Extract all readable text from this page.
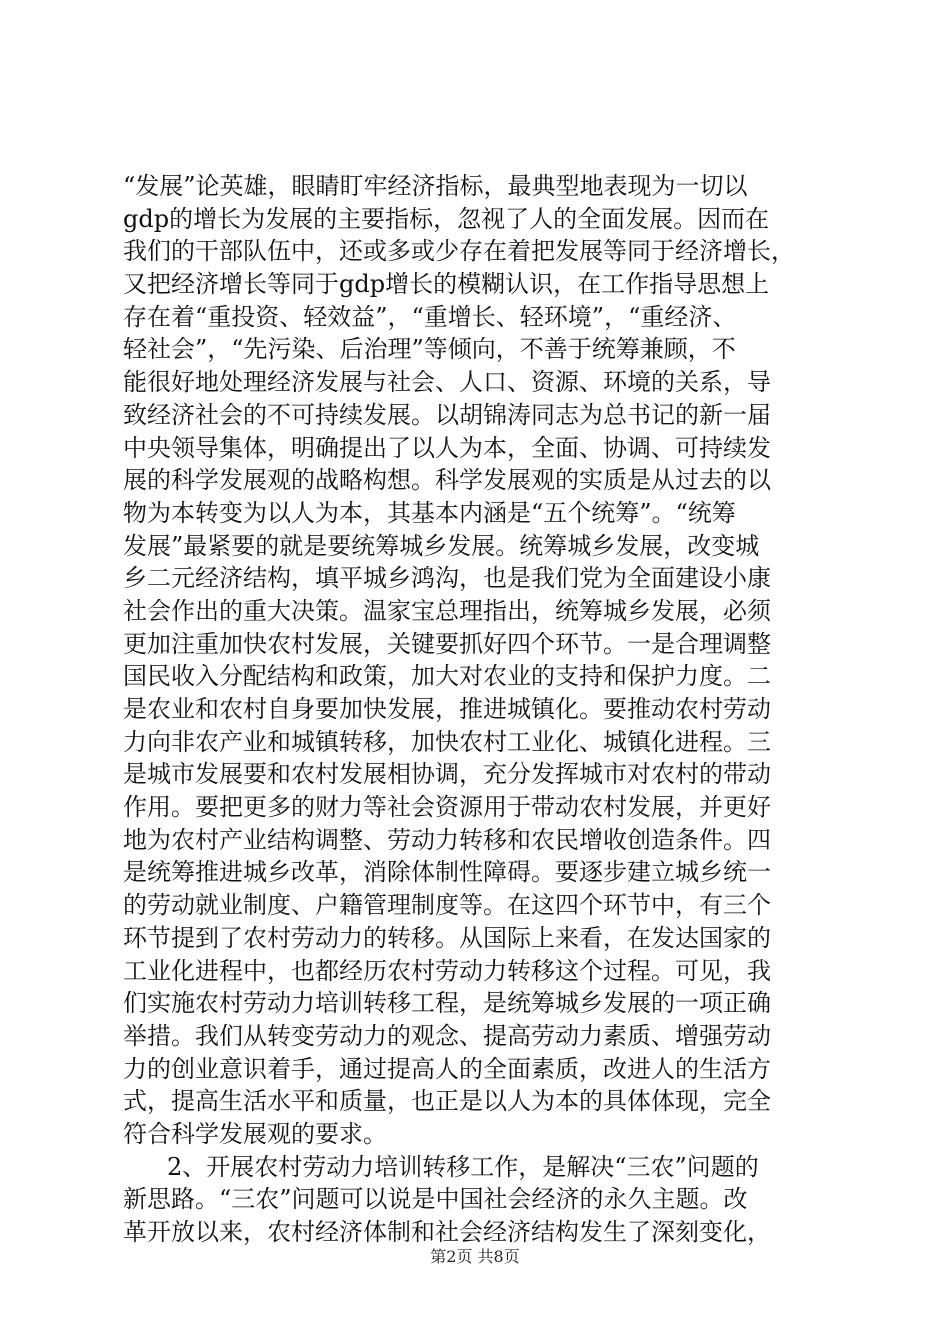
“发展”论英雄，眼睛盯牢经济指标，最典型地表现为一切以
gdp的增长为发展的主要指标，忽视了人的全面发展。因而在
我们的干部队伍中，还或多或少存在着把发展等同于经济增长，
又把经济增长等同于gdp增长的模糊认识，在工作指导思想上
存在着“重投资、轻效益”，“重增长、轻环境”，“重经济、
轻社会”，“先污染、后治理”等倾向，不善于统筹兼顾，不
能很好地处理经济发展与社会、人口、资源、环境的关系，导
致经济社会的不可持续发展。以胡锦涛同志为总书记的新一届
中央领导集体，明确提出了以人为本，全面、协调、可持续发
展的科学发展观的战略构想。科学发展观的实质是从过去的以
物为本转变为以人为本，其基本内涵是“五个统筹”。“统筹
发展”最紧要的就是要统筹城乡发展。统筹城乡发展，改变城
乡二元经济结构，填平城乡鸿沟，也是我们党为全面建设小康
社会作出的重大决策。温家宝总理指出，统筹城乡发展，必须
更加注重加快农村发展，关键要抓好四个环节。一是合理调整
国民收入分配结构和政策，加大对农业的支持和保护力度。二
是农业和农村自身要加快发展，推进城镇化。要推动农村劳动
力向非农产业和城镇转移，加快农村工业化、城镇化进程。三
是城市发展要和农村发展相协调，充分发挥城市对农村的带动
作用。要把更多的财力等社会资源用于带动农村发展，并更好
地为农村产业结构调整、劳动力转移和农民增收创造条件。四
是统筹推进城乡改革，消除体制性障碍。要逐步建立城乡统一
的劳动就业制度、户籍管理制度等。在这四个环节中，有三个
环节提到了农村劳动力的转移。从国际上来看，在发达国家的
工业化进程中，也都经历农村劳动力转移这个过程。可见，我
们实施农村劳动力培训转移工程，是统筹城乡发展的一项正确
举措。我们从转变劳动力的观念、提高劳动力素质、增强劳动
力的创业意识着手，通过提高人的全面素质，改进人的生活方
式，提高生活水平和质量，也正是以人为本的具体体现，完全
符合科学发展观的要求。
2、开展农村劳动力培训转移工作，是解决“三农”问题的
新思路。“三农”问题可以说是中国社会经济的永久主题。改
革开放以来，农村经济体制和社会经济结构发生了深刻变化，
第2页 共8页
